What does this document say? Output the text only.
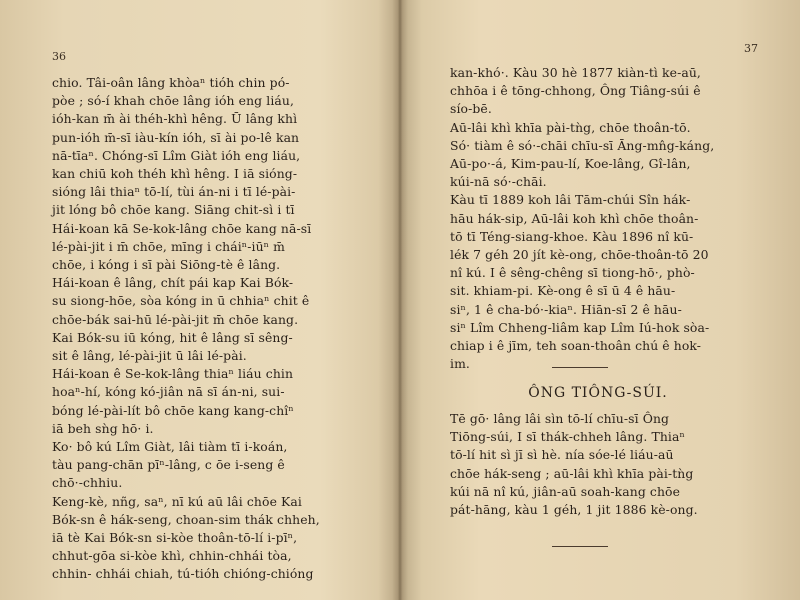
36
chio. Tâi-oân lâng khòaⁿ tióh chin pó-
pòe ; só-í khah chōe lâng ióh eng liáu,
ióh-kan m̄ ài théh-khì hêng. Ū lâng khì
pun-ióh m̄-sī iàu-kín ióh, sī ài po-lê kan
nā-tīaⁿ. Chóng-sī Lîm Giàt ióh eng liáu,
kan chiū koh théh khì hêng. I iā sióng-
sióng lâi thiaⁿ tō-lí, tùi án-ni i tī lé-pài-
jit lóng bô chōe kang. Siāng chit-sì i tī
Hái-koan kā Se-kok-lâng chōe kang nā-sī
lé-pài-jit i m̄ chōe, mīng i cháiⁿ-iūⁿ m̄
chōe, i kóng i sī pài Siōng-tè ê lâng.
Hái-koan ê lâng, chít pái kap Kai Bók-
su siong-hōe, sòa kóng in ū chhiaⁿ chit ê
chōe-bák sai-hū lé-pài-jit m̄ chōe kang.
Kai Bók-su iū kóng, hit ê lâng sī sêng-
sit ê lâng, lé-pài-jit ū lâi lé-pài.
Hái-koan ê Se-kok-lâng thiaⁿ liáu chin
hoaⁿ-hí, kóng kó-jiân nā sī án-ni, sui-
bóng lé-pài-lít bô chōe kang kang-chîⁿ
iā beh sǹg hō· i.
Ko· bô kú Lîm Giàt, lâi tiàm tī i-koán,
tàu pang-chān pīⁿ-lâng, c ōe i-seng ê
chō·-chhiu.
Keng-kè, nñg, saⁿ, nī kú aū lâi chōe Kai
Bók-sn ê hák-seng, choan-sim thák chheh,
iā tè Kai Bók-sn si-kòe thoân-tō-lí i-pīⁿ,
chhut-gōa si-kòe khì, chhin-chhái tòa,
chhin- chhái chiah, tú-tióh chióng-chióng
37
kan-khó·. Kàu 30 hè 1877 kiàn-tì ke-aū,
chhōa i ê tōng-chhong, Ông Tiâng-súi ê
sío-bē.
Aū-lâi khì khīa pài-tǹg, chōe thoân-tō.
Só· tiàm ê só·-chāi chīu-sī Āng-mn̂g-káng,
Aū-po·-á, Kim-pau-lí, Koe-lâng, Gî-lân,
kúi-nā só·-chāi.
Kàu tī 1889 koh lâi Tām-chúi Sîn hák-
hāu hák-sip, Aū-lâi koh khì chōe thoân-
tō tī Téng-siang-khoe. Kàu 1896 nî kū-
lék 7 géh 20 jít kè-ong, chōe-thoân-tō 20
nî kú. I ê sêng-chêng sī tiong-hō·, phò-
sit. khiam-pi. Kè-ong ê sī ū 4 ê hāu-
siⁿ, 1 ê cha-bó·-kiaⁿ. Hiān-sī 2 ê hāu-
siⁿ Lîm Chheng-liâm kap Lîm Iú-hok sòa-
chiap i ê jīm, teh soan-thoân chú ê hok-
im.
ÔNG TIÔNG-SÚI.
Tē gō· lâng lâi sìn tō-lí chīu-sī Ông
Tiōng-súi, I sī thák-chheh lâng. Thiaⁿ
tō-lí hit sì jī sì hè. nía sóe-lé liáu-aū
chōe hák-seng ; aū-lâi khì khīa pài-tǹg
kúi nā nî kú, jiân-aū soah-kang chōe
pát-hāng, kàu 1 géh, 1 jit 1886 kè-ong.
